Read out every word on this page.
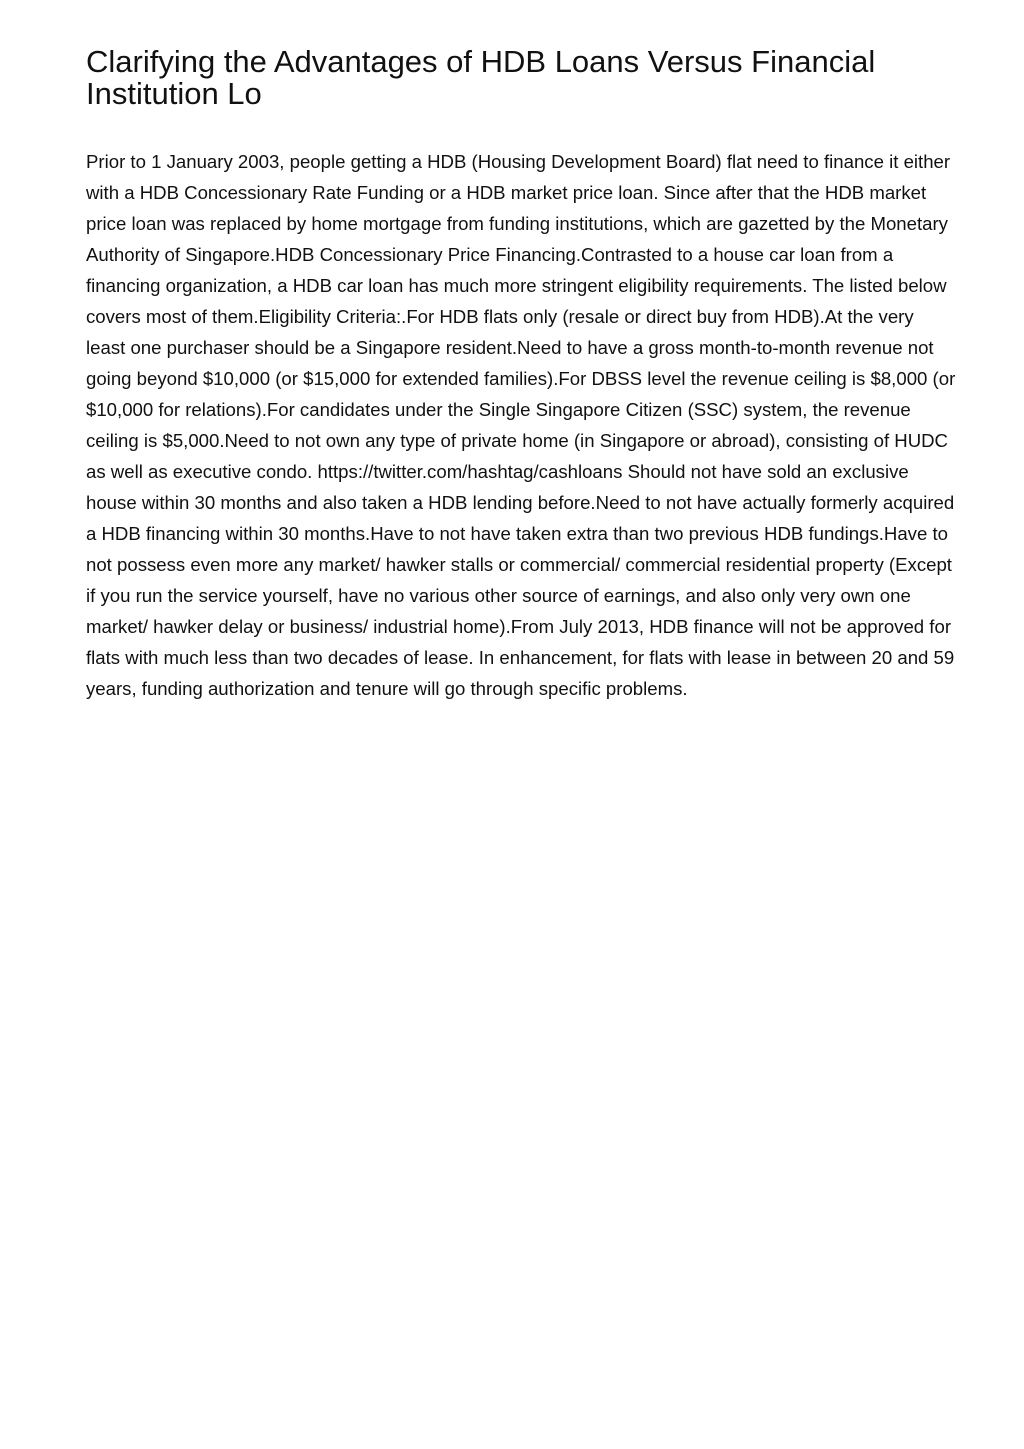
Clarifying the Advantages of HDB Loans Versus Financial Institution Lo

Prior to 1 January 2003, people getting a HDB (Housing Development Board) flat need to finance it either with a HDB Concessionary Rate Funding or a HDB market price loan. Since after that the HDB market price loan was replaced by home mortgage from funding institutions, which are gazetted by the Monetary Authority of Singapore.HDB Concessionary Price Financing.Contrasted to a house car loan from a financing organization, a HDB car loan has much more stringent eligibility requirements. The listed below covers most of them.Eligibility Criteria:.For HDB flats only (resale or direct buy from HDB).At the very least one purchaser should be a Singapore resident.Need to have a gross month-to-month revenue not going beyond $10,000 (or $15,000 for extended families).For DBSS level the revenue ceiling is $8,000 (or $10,000 for relations).For candidates under the Single Singapore Citizen (SSC) system, the revenue ceiling is $5,000.Need to not own any type of private home (in Singapore or abroad), consisting of HUDC as well as executive condo. https://twitter.com/hashtag/cashloans Should not have sold an exclusive house within 30 months and also taken a HDB lending before.Need to not have actually formerly acquired a HDB financing within 30 months.Have to not have taken extra than two previous HDB fundings.Have to not possess even more any market/ hawker stalls or commercial/ commercial residential property (Except if you run the service yourself, have no various other source of earnings, and also only very own one market/ hawker delay or business/ industrial home).From July 2013, HDB finance will not be approved for flats with much less than two decades of lease. In enhancement, for flats with lease in between 20 and 59 years, funding authorization and tenure will go through specific problems.
